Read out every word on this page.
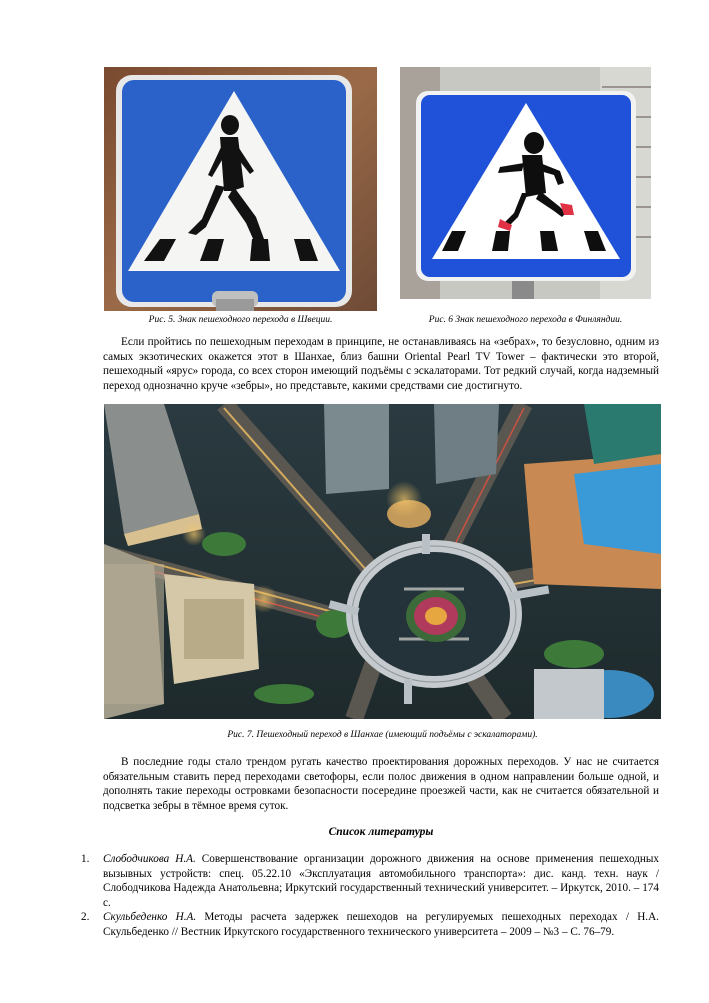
Рис. 5. Знак пешеходного перехода в Швеции.	Рис. 6 Знак пешеходного перехода в Финляндии.
Если пройтись по пешеходным переходам в принципе, не останавливаясь на «зебрах», то безусловно, одним из самых экзотических окажется этот в Шанхае, близ башни Oriental Pearl TV Tower – фактически это второй, пешеходный «ярус» города, со всех сторон имеющий подъёмы с эскалаторами. Тот редкий случай, когда надземный переход однозначно круче «зебры», но представьте, какими средствами сие достигнуто.
Рис. 7. Пешеходный переход в Шанхае (имеющий подъёмы с эскалаторами).
В последние годы стало трендом ругать качество проектирования дорожных переходов. У нас не считается обязательным ставить перед переходами светофоры, если полос движения в одном направлении больше одной, и дополнять такие переходы островками безопасности посередине проезжей части, как не считается обязательной и подсветка зебры в тёмное время суток.
Список литературы
1. Слободчикова Н.А. Совершенствование организации дорожного движения на основе применения пешеходных вызывных устройств: спец. 05.22.10 «Эксплуатация автомобильного транспорта»: дис. канд. техн. наук / Слободчикова Надежда Анатольевна; Иркутский государственный технический университет. – Иркутск, 2010. – 174 с.
2. Скульбеденко Н.А. Методы расчета задержек пешеходов на регулируемых пешеходных переходах / Н.А. Скульбеденко // Вестник Иркутского государственного технического университета – 2009 – №3 – С. 76–79.
